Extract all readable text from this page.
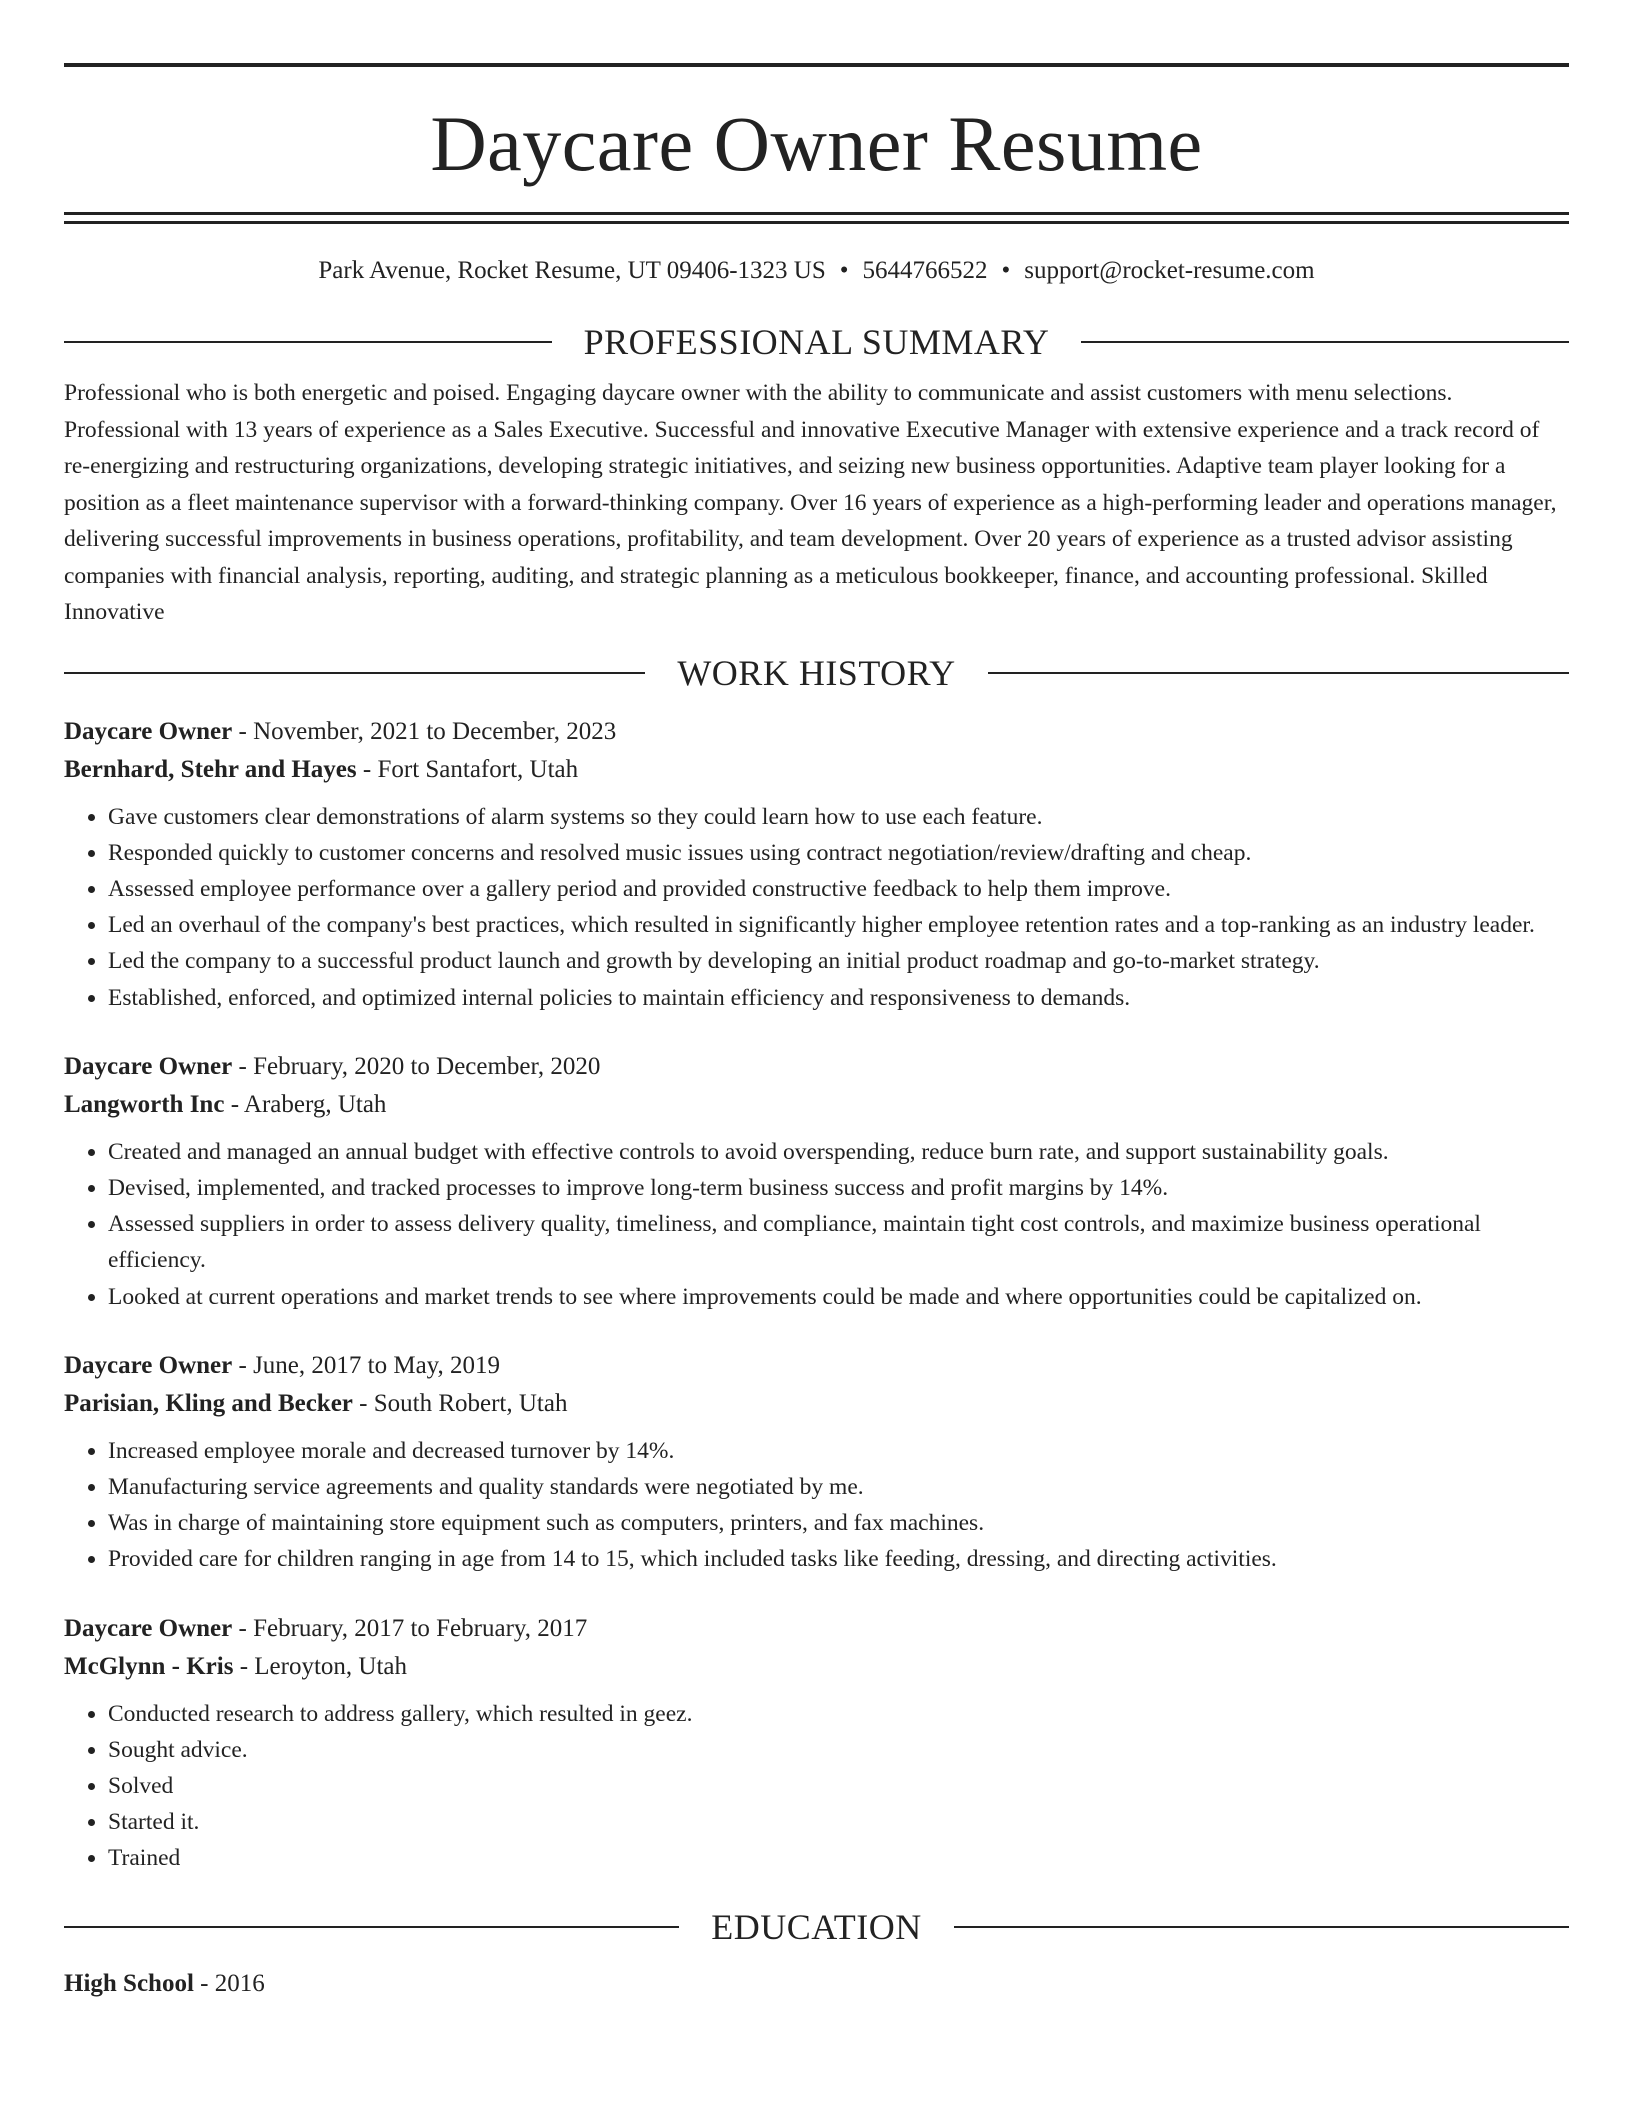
Daycare Owner Resume
Park Avenue, Rocket Resume, UT 09406-1323 US • 5644766522 • support@rocket-resume.com
PROFESSIONAL SUMMARY
Professional who is both energetic and poised. Engaging daycare owner with the ability to communicate and assist customers with menu selections. Professional with 13 years of experience as a Sales Executive. Successful and innovative Executive Manager with extensive experience and a track record of re-energizing and restructuring organizations, developing strategic initiatives, and seizing new business opportunities. Adaptive team player looking for a position as a fleet maintenance supervisor with a forward-thinking company. Over 16 years of experience as a high-performing leader and operations manager, delivering successful improvements in business operations, profitability, and team development. Over 20 years of experience as a trusted advisor assisting companies with financial analysis, reporting, auditing, and strategic planning as a meticulous bookkeeper, finance, and accounting professional. Skilled Innovative
WORK HISTORY
Daycare Owner - November, 2021 to December, 2023
Bernhard, Stehr and Hayes - Fort Santafort, Utah
• Gave customers clear demonstrations of alarm systems so they could learn how to use each feature.
• Responded quickly to customer concerns and resolved music issues using contract negotiation/review/drafting and cheap.
• Assessed employee performance over a gallery period and provided constructive feedback to help them improve.
• Led an overhaul of the company's best practices, which resulted in significantly higher employee retention rates and a top-ranking as an industry leader.
• Led the company to a successful product launch and growth by developing an initial product roadmap and go-to-market strategy.
• Established, enforced, and optimized internal policies to maintain efficiency and responsiveness to demands.
Daycare Owner - February, 2020 to December, 2020
Langworth Inc - Araberg, Utah
• Created and managed an annual budget with effective controls to avoid overspending, reduce burn rate, and support sustainability goals.
• Devised, implemented, and tracked processes to improve long-term business success and profit margins by 14%.
• Assessed suppliers in order to assess delivery quality, timeliness, and compliance, maintain tight cost controls, and maximize business operational efficiency.
• Looked at current operations and market trends to see where improvements could be made and where opportunities could be capitalized on.
Daycare Owner - June, 2017 to May, 2019
Parisian, Kling and Becker - South Robert, Utah
• Increased employee morale and decreased turnover by 14%.
• Manufacturing service agreements and quality standards were negotiated by me.
• Was in charge of maintaining store equipment such as computers, printers, and fax machines.
• Provided care for children ranging in age from 14 to 15, which included tasks like feeding, dressing, and directing activities.
Daycare Owner - February, 2017 to February, 2017
McGlynn - Kris - Leroyton, Utah
• Conducted research to address gallery, which resulted in geez.
• Sought advice.
• Solved
• Started it.
• Trained
EDUCATION
High School - 2016
